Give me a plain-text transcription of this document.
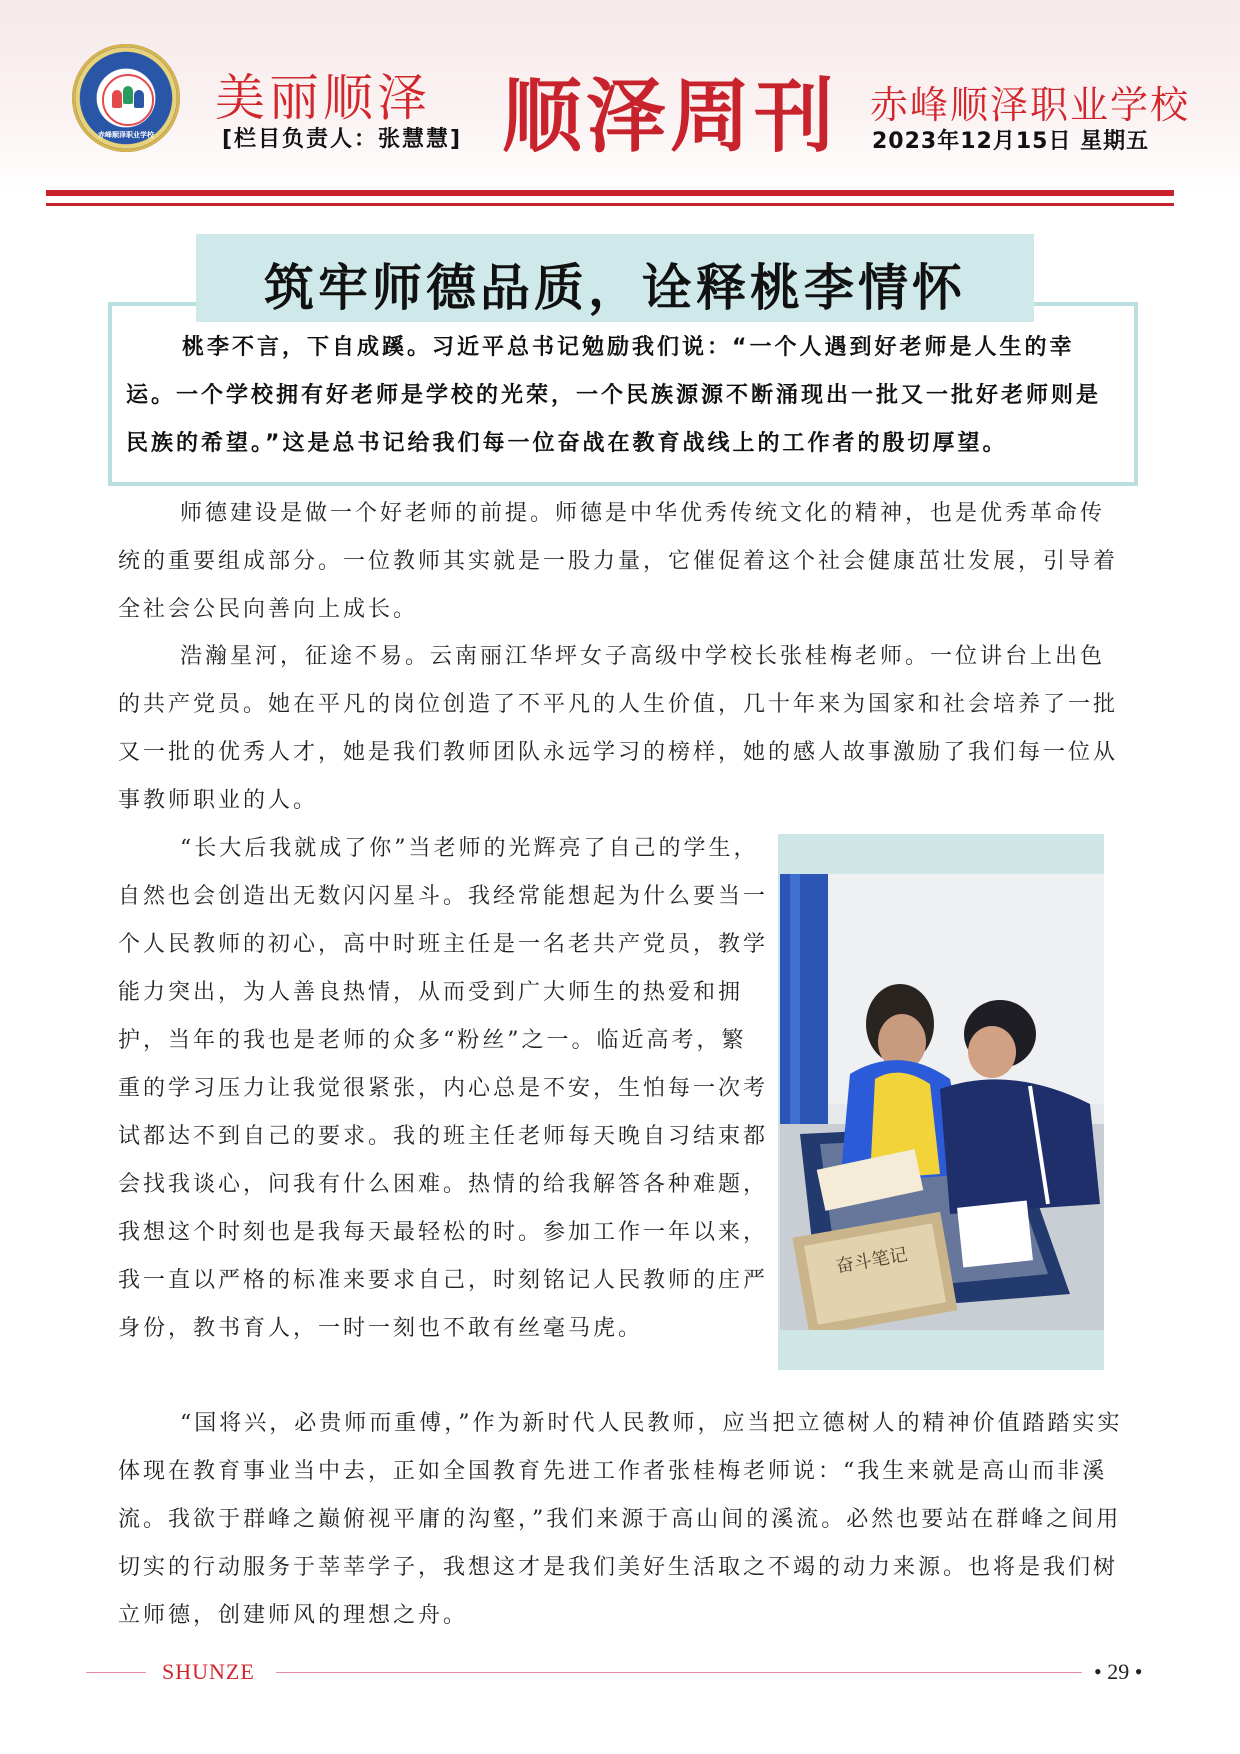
赤峰顺泽职业学校
美丽顺泽
[栏目负责人：张慧慧] 顺泽周刊 赤峰顺泽职业学校
2023年12月15日 星期五
桃李不言，下自成蹊。习近平总书记勉励我们说：“一个人遇到好老师是人生的幸运。一个学校拥有好老师是学校的光荣，一个民族源源不断涌现出一批又一批好老师则是民族的希望。”这是总书记给我们每一位奋战在教育战线上的工作者的殷切厚望。
筑牢师德品质，诠释桃李情怀
师德建设是做一个好老师的前提。师德是中华优秀传统文化的精神，也是优秀革命传统的重要组成部分。一位教师其实就是一股力量，它催促着这个社会健康茁壮发展，引导着全社会公民向善向上成长。
浩瀚星河，征途不易。云南丽江华坪女子高级中学校长张桂梅老师。一位讲台上出色的共产党员。她在平凡的岗位创造了不平凡的人生价值，几十年来为国家和社会培养了一批又一批的优秀人才，她是我们教师团队永远学习的榜样，她的感人故事激励了我们每一位从事教师职业的人。
“长大后我就成了你”当老师的光辉亮了自己的学生，自然也会创造出无数闪闪星斗。我经常能想起为什么要当一个人民教师的初心，高中时班主任是一名老共产党员，教学能力突出，为人善良热情，从而受到广大师生的热爱和拥护，当年的我也是老师的众多“粉丝”之一。临近高考，繁重的学习压力让我觉很紧张，内心总是不安，生怕每一次考试都达不到自己的要求。我的班主任老师每天晚自习结束都会找我谈心，问我有什么困难。热情的给我解答各种难题，我想这个时刻也是我每天最轻松的时。参加工作一年以来，我一直以严格的标准来要求自己，时刻铭记人民教师的庄严身份，教书育人，一时一刻也不敢有丝毫马虎。
奋斗笔记
“国将兴，必贵师而重傅，”作为新时代人民教师，应当把立德树人的精神价值踏踏实实体现在教育事业当中去，正如全国教育先进工作者张桂梅老师说：“我生来就是高山而非溪流。我欲于群峰之巅俯视平庸的沟壑，”我们来源于高山间的溪流。必然也要站在群峰之间用切实的行动服务于莘莘学子，我想这才是我们美好生活取之不竭的动力来源。也将是我们树立师德，创建师风的理想之舟。
SHUNZE	• 29 •
